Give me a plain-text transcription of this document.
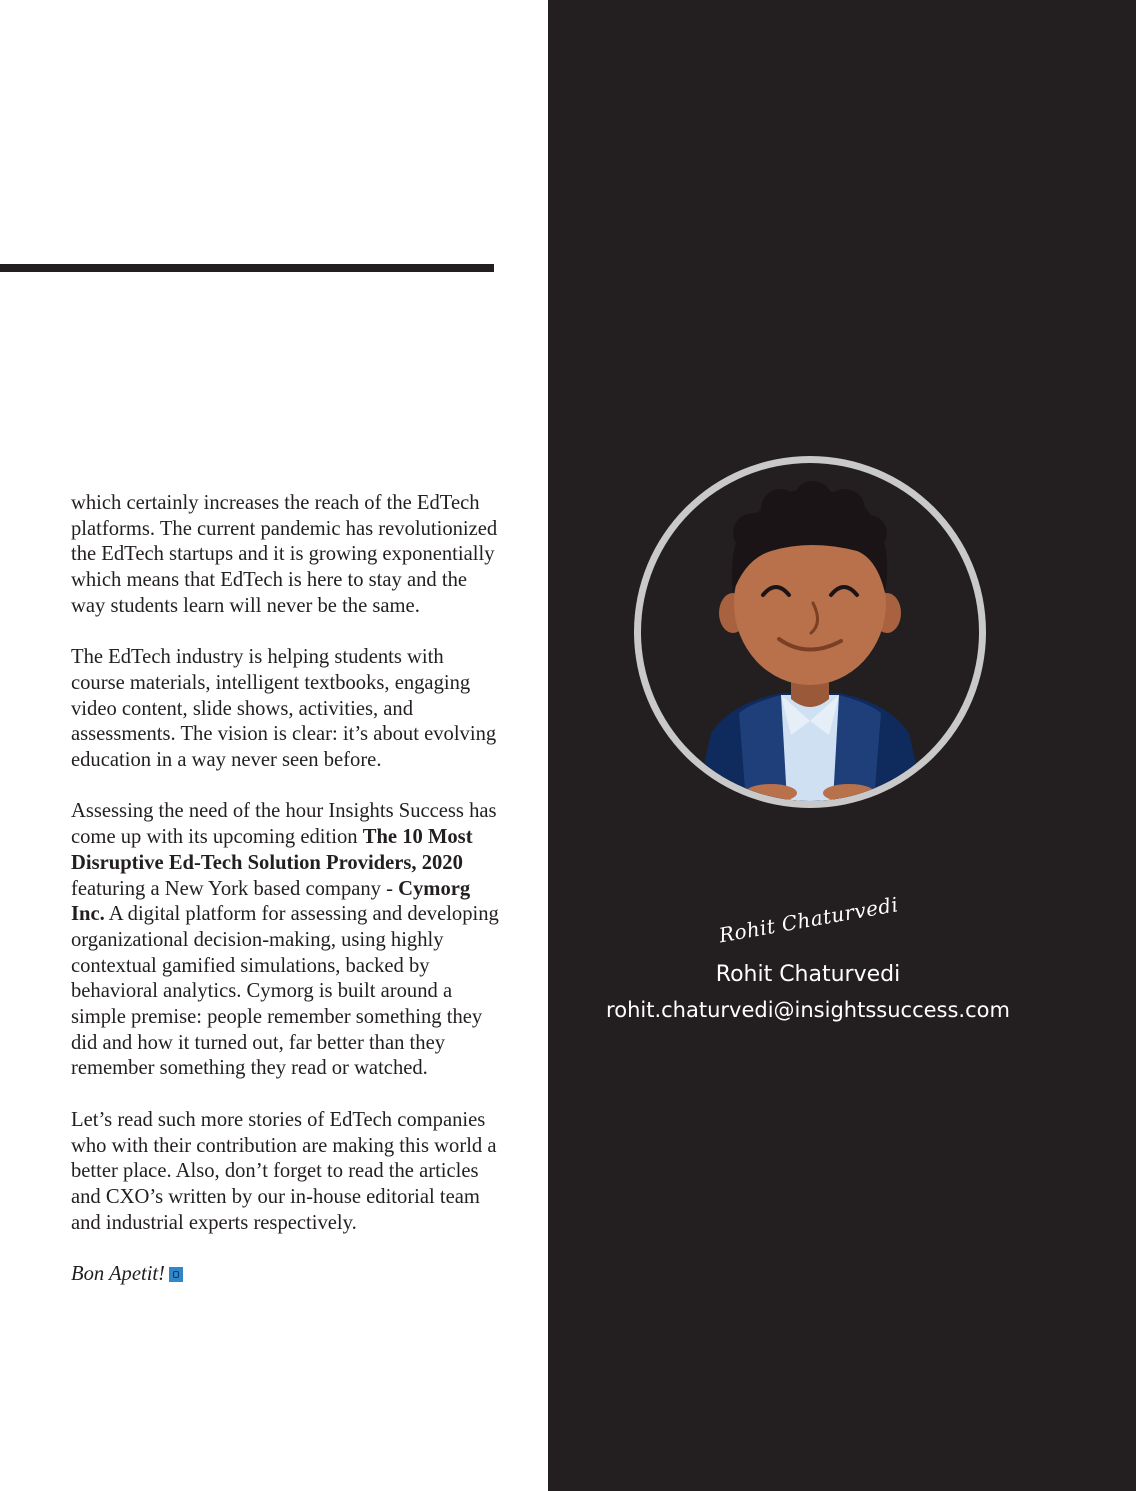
which certainly increases the reach of the EdTech platforms. The current pandemic has revolutionized the EdTech startups and it is growing exponentially which means that EdTech is here to stay and the way students learn will never be the same.

The EdTech industry is helping students with course materials, intelligent textbooks, engaging video content, slide shows, activities, and assessments. The vision is clear: it’s about evolving education in a way never seen before.

Assessing the need of the hour Insights Success has come up with its upcoming edition The 10 Most Disruptive Ed-Tech Solution Providers, 2020 featuring a New York based company - Cymorg Inc. A digital platform for assessing and developing organizational decision-making, using highly contextual gamified simulations, backed by behavioral analytics. Cymorg is built around a simple premise: people remember something they did and how it turned out, far better than they remember something they read or watched.

Let’s read such more stories of EdTech companies who with their contribution are making this world a better place. Also, don’t forget to read the articles and CXO’s written by our in-house editorial team and industrial experts respectively.

Bon Apetit!

Rohit Chaturvedi
Rohit Chaturvedi
rohit.chaturvedi@insightssuccess.com
